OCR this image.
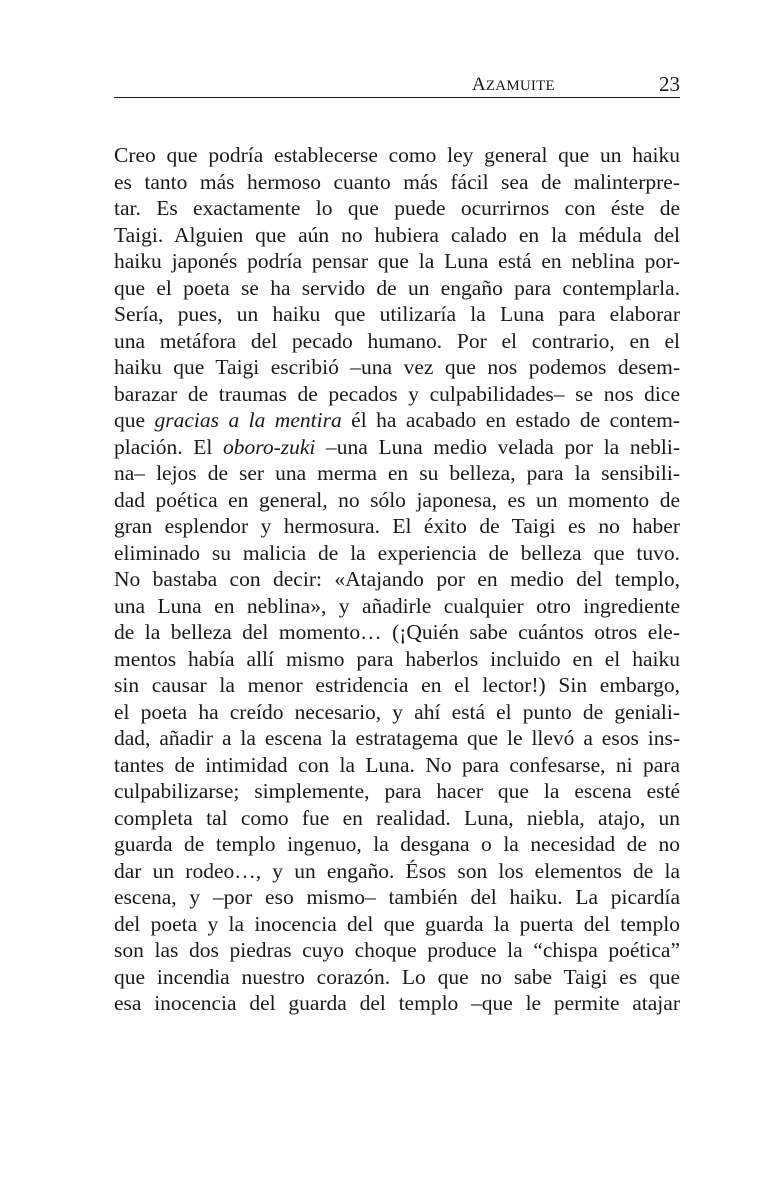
AZAMUITE	23
Creo que podría establecerse como ley general que un haiku
es tanto más hermoso cuanto más fácil sea de malinterpre-
tar. Es exactamente lo que puede ocurrirnos con éste de
Taigi. Alguien que aún no hubiera calado en la médula del
haiku japonés podría pensar que la Luna está en neblina por-
que el poeta se ha servido de un engaño para contemplarla.
Sería, pues, un haiku que utilizaría la Luna para elaborar
una metáfora del pecado humano. Por el contrario, en el
haiku que Taigi escribió –una vez que nos podemos desem-
barazar de traumas de pecados y culpabilidades– se nos dice
que gracias a la mentira él ha acabado en estado de contem-
plación. El oboro-zuki –una Luna medio velada por la nebli-
na– lejos de ser una merma en su belleza, para la sensibili-
dad poética en general, no sólo japonesa, es un momento de
gran esplendor y hermosura. El éxito de Taigi es no haber
eliminado su malicia de la experiencia de belleza que tuvo.
No bastaba con decir: «Atajando por en medio del templo,
una Luna en neblina», y añadirle cualquier otro ingrediente
de la belleza del momento… (¡Quién sabe cuántos otros ele-
mentos había allí mismo para haberlos incluido en el haiku
sin causar la menor estridencia en el lector!) Sin embargo,
el poeta ha creído necesario, y ahí está el punto de geniali-
dad, añadir a la escena la estratagema que le llevó a esos ins-
tantes de intimidad con la Luna. No para confesarse, ni para
culpabilizarse; simplemente, para hacer que la escena esté
completa tal como fue en realidad. Luna, niebla, atajo, un
guarda de templo ingenuo, la desgana o la necesidad de no
dar un rodeo…, y un engaño. Ésos son los elementos de la
escena, y –por eso mismo– también del haiku. La picardía
del poeta y la inocencia del que guarda la puerta del templo
son las dos piedras cuyo choque produce la “chispa poética”
que incendia nuestro corazón. Lo que no sabe Taigi es que
esa inocencia del guarda del templo –que le permite atajar
